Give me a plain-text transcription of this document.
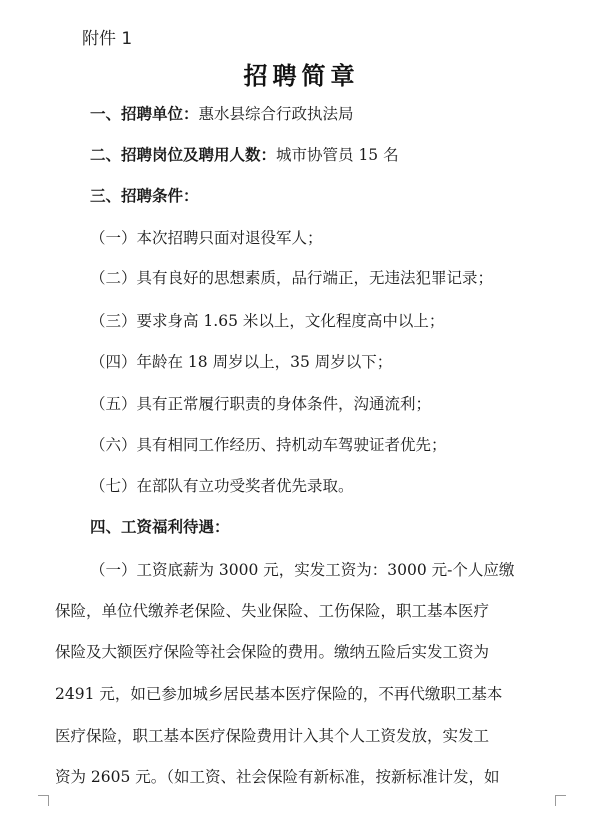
附件 1
招聘简章
一、招聘单位：惠水县综合行政执法局
二、招聘岗位及聘用人数：城市协管员 15 名
三、招聘条件：
（一）本次招聘只面对退役军人；
（二）具有良好的思想素质，品行端正，无违法犯罪记录；
（三）要求身高 1.65 米以上，文化程度高中以上；
（四）年龄在 18 周岁以上，35 周岁以下；
（五）具有正常履行职责的身体条件，沟通流利；
（六）具有相同工作经历、持机动车驾驶证者优先；
（七）在部队有立功受奖者优先录取。
四、工资福利待遇：
（一）工资底薪为 3000 元，实发工资为：3000 元-个人应缴
保险，单位代缴养老保险、失业保险、工伤保险，职工基本医疗
保险及大额医疗保险等社会保险的费用。缴纳五险后实发工资为
2491 元，如已参加城乡居民基本医疗保险的，不再代缴职工基本
医疗保险，职工基本医疗保险费用计入其个人工资发放，实发工
资为 2605 元。（如工资、社会保险有新标准，按新标准计发，如
